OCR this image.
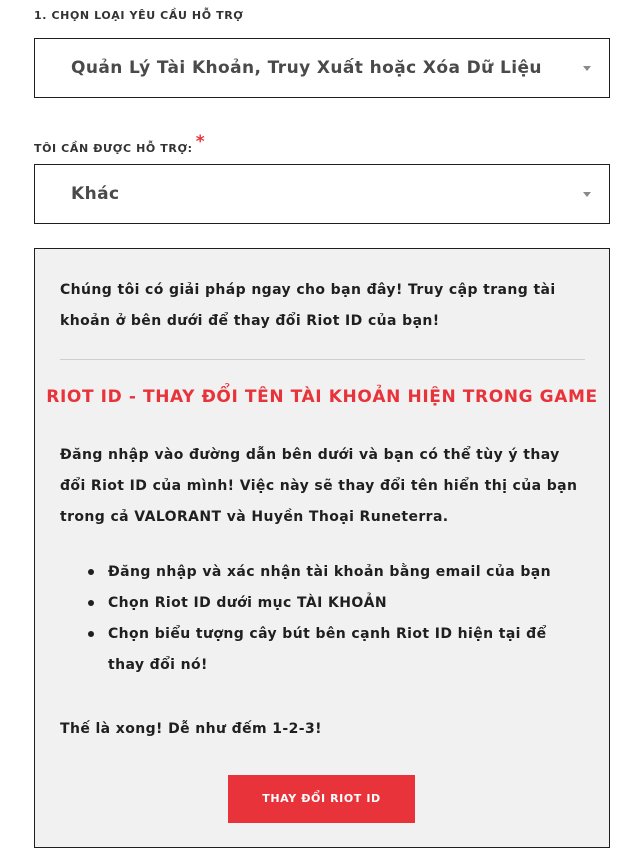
1. CHỌN LOẠI YÊU CẦU HỖ TRỢ
Quản Lý Tài Khoản, Truy Xuất hoặc Xóa Dữ Liệu
TÔI CẦN ĐƯỢC HỖ TRỢ: *
Khác

Chúng tôi có giải pháp ngay cho bạn đây! Truy cập trang tài khoản ở bên dưới để thay đổi Riot ID của bạn!

RIOT ID - THAY ĐỔI TÊN TÀI KHOẢN HIỆN TRONG GAME

Đăng nhập vào đường dẫn bên dưới và bạn có thể tùy ý thay đổi Riot ID của mình! Việc này sẽ thay đổi tên hiển thị của bạn trong cả VALORANT và Huyền Thoại Runeterra.

Đăng nhập và xác nhận tài khoản bằng email của bạn
Chọn Riot ID dưới mục TÀI KHOẢN
Chọn biểu tượng cây bút bên cạnh Riot ID hiện tại để thay đổi nó!

Thế là xong! Dễ như đếm 1-2-3!

THAY ĐỔI RIOT ID
